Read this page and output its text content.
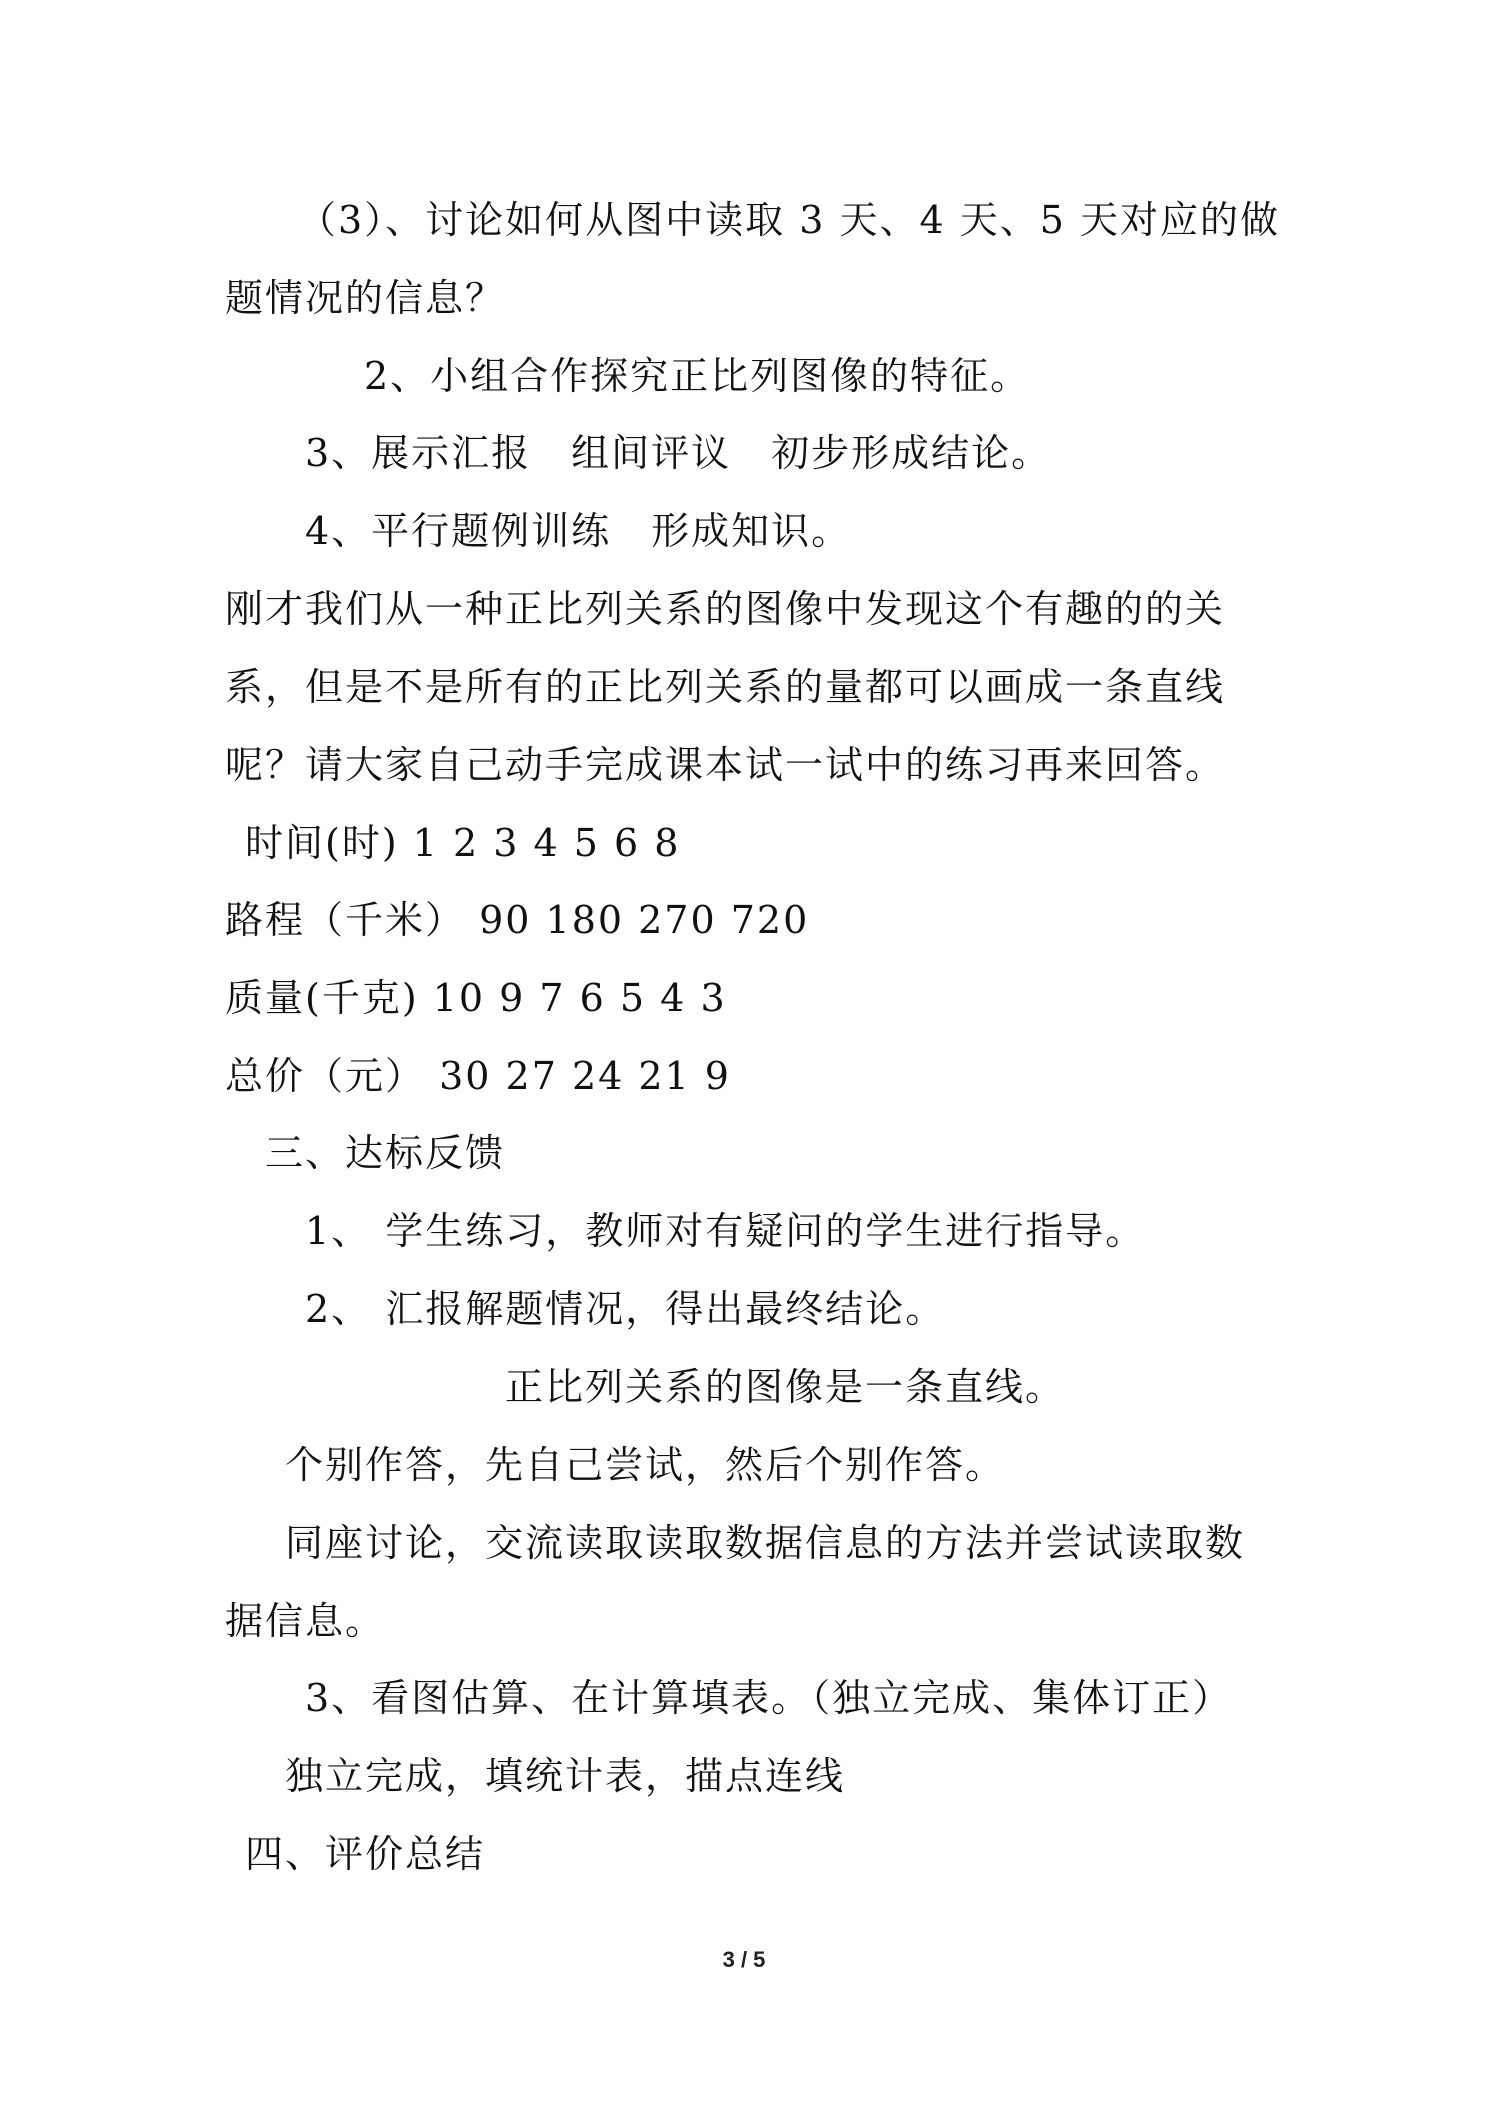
（3）、讨论如何从图中读取 3 天、4 天、5 天对应的做
题情况的信息？
2、小组合作探究正比列图像的特征。
3、展示汇报　组间评议　初步形成结论。
4、平行题例训练　形成知识。
刚才我们从一种正比列关系的图像中发现这个有趣的的关
系，但是不是所有的正比列关系的量都可以画成一条直线
呢？请大家自己动手完成课本试一试中的练习再来回答。
时间(时) 1 2 3 4 5 6 8
路程（千米） 90 180 270 720
质量(千克) 10 9 7 6 5 4 3
总价（元） 30 27 24 21 9
三、达标反馈
1、 学生练习，教师对有疑问的学生进行指导。
2、 汇报解题情况，得出最终结论。
正比列关系的图像是一条直线。
个别作答，先自己尝试，然后个别作答。
同座讨论，交流读取读取数据信息的方法并尝试读取数
据信息。
3、看图估算、在计算填表。（独立完成、集体订正）
独立完成，填统计表，描点连线
四、评价总结
3 / 5
